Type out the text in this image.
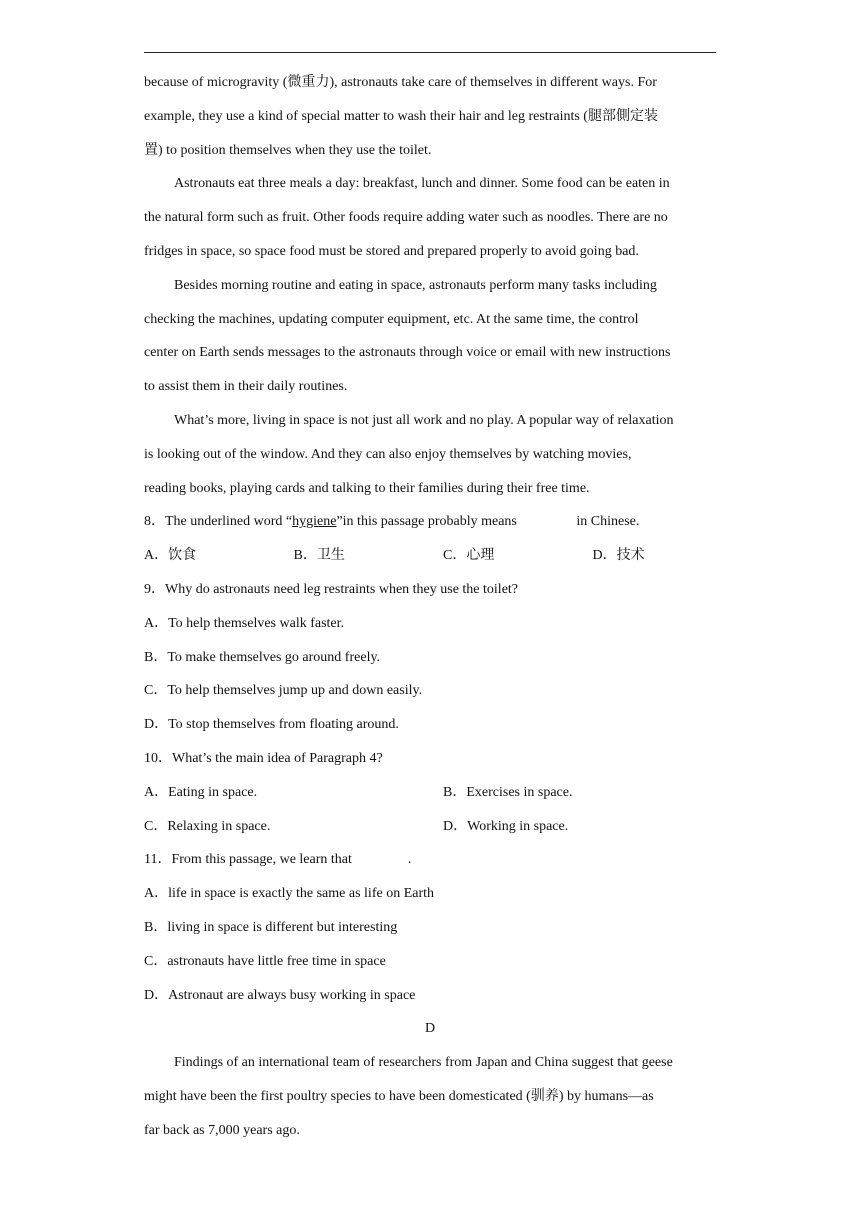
because of microgravity (微重力), astronauts take care of themselves in different ways. For
example, they use a kind of special matter to wash their hair and leg restraints (腿部側定装
置) to position themselves when they use the toilet.
Astronauts eat three meals a day: breakfast, lunch and dinner. Some food can be eaten in
the natural form such as fruit. Other foods require adding water such as noodles. There are no
fridges in space, so space food must be stored and prepared properly to avoid going bad.
Besides morning routine and eating in space, astronauts perform many tasks including
checking the machines, updating computer equipment, etc. At the same time, the control
center on Earth sends messages to the astronauts through voice or email with new instructions
to assist them in their daily routines.
What’s more, living in space is not just all work and no play. A popular way of relaxation
is looking out of the window. And they can also enjoy themselves by watching movies,
reading books, playing cards and talking to their families during their free time.
8．The underlined word “hygiene”in this passage probably means	in Chinese.
A．饮食	B．卫生	C．心理	D．技术
9．Why do astronauts need leg restraints when they use the toilet?
A．To help themselves walk faster.
B．To make themselves go around freely.
C．To help themselves jump up and down easily.
D．To stop themselves from floating around.
10．What’s the main idea of Paragraph 4?
A．Eating in space.	B．Exercises in space.
C．Relaxing in space.	D．Working in space.
11．From this passage, we learn that	.
A．life in space is exactly the same as life on Earth
B．living in space is different but interesting
C．astronauts have little free time in space
D．Astronaut are always busy working in space
D
Findings of an international team of researchers from Japan and China suggest that geese
might have been the first poultry species to have been domesticated (驯养) by humans—as
far back as 7,000 years ago.
